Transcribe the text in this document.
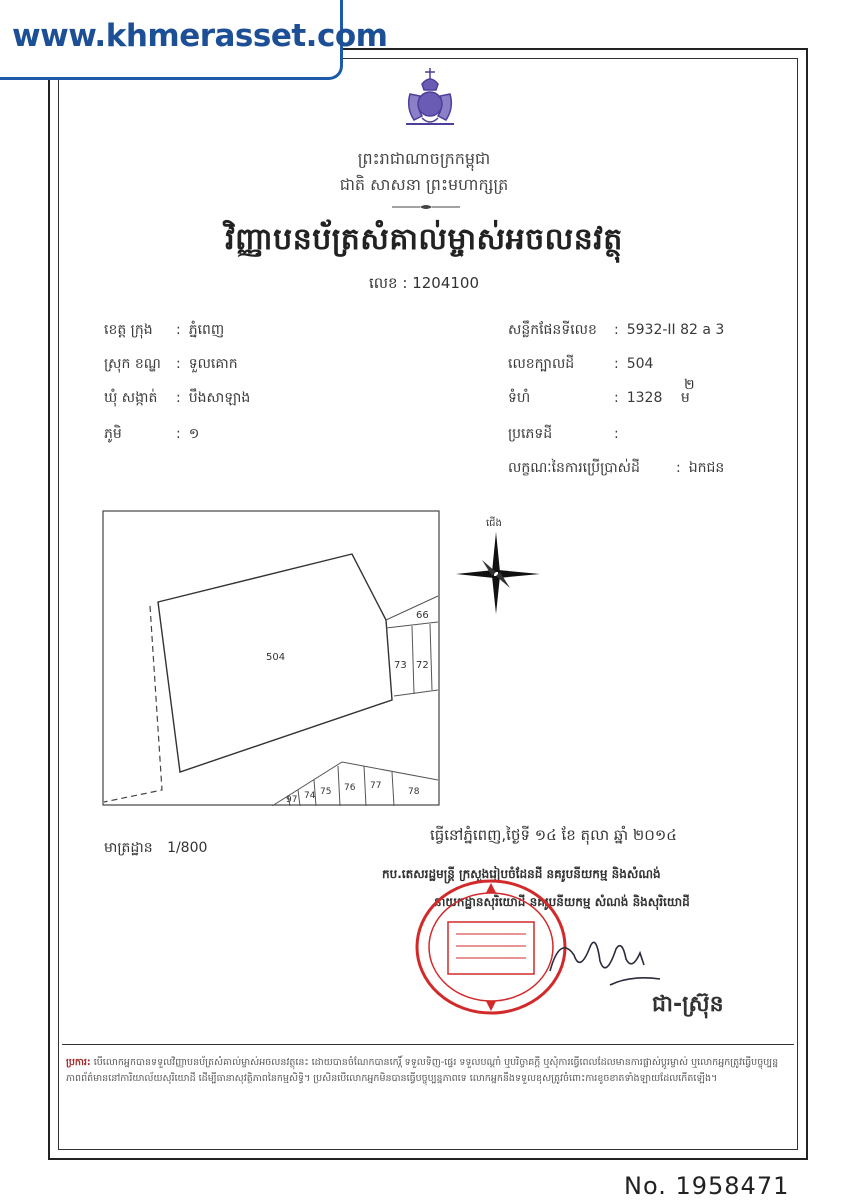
www.khmerasset.com
ព្រះរាជាណាចក្រកម្ពុជា
ជាតិ សាសនា ព្រះមហាក្សត្រ
វិញ្ញាបនប័ត្រសំគាល់ម្ចាស់អចលនវត្ថុ
លេខ : 1204100
ខេត្ត ក្រុង : ភ្នំពេញ
ស្រុក ខណ្ឌ : ទួលគោក
ឃុំ សង្កាត់ : បឹងសាឡាង
ភូមិ	: ១
សន្លឹកផែនទីលេខ : 5932-II 82 a 3
លេខក្បាលដី	: 504
ទំហំ	: 1328 ម
២
ប្រភេទដី	:
លក្ខណៈនៃការប្រើប្រាស់ដី	: ឯកជន
504
66
73 72
97 74 75 76 77
78
ជើង
មាត្រដ្ឋាន 1/800
ធ្វើនៅភ្នំពេញ,ថ្ងៃទី ១៤ ខែ តុលា ឆ្នាំ ២០១៤
កប.តេសរដ្ឋមន្ត្រី ក្រសួងរៀបចំដែនដី នគរូបនីយកម្ម និងសំណង់
នាយកដ្ឋានសុរិយោដី នគរូបនីយកម្ម សំណង់ និងសុរិយោដី
ជា-ស្រ៊ុន
ប្រការ: បើលោកអ្នកបានទទួលវិញ្ញាបនប័ត្រសំគាល់ម្ចាស់អចលនវត្ថុនេះ ដោយបានចំណែកបានកេរ្តិ៍ ទទួលទិញ-ផ្ទេរ ទទួលបណ្តាំ ឬបរិច្ចាគក្តី ឬសុំការធ្វើពេលដែលមានការផ្លាស់ប្តូរម្ចាស់ ឬលោកអ្នកត្រូវធ្វើបច្ចុប្បន្នភាពព័ត៌មាននៅការិយាល័យសុរិយោដី ដើម្បីធានាសុវត្ថិភាពនៃកម្មសិទ្ធិ។ ប្រសិនបើលោកអ្នកមិនបានធ្វើបច្ចុប្បន្នភាពទេ លោកអ្នកនឹងទទួលខុសត្រូវចំពោះការខូចខាតទាំងឡាយដែលកើតឡើង។
No. 1958471
